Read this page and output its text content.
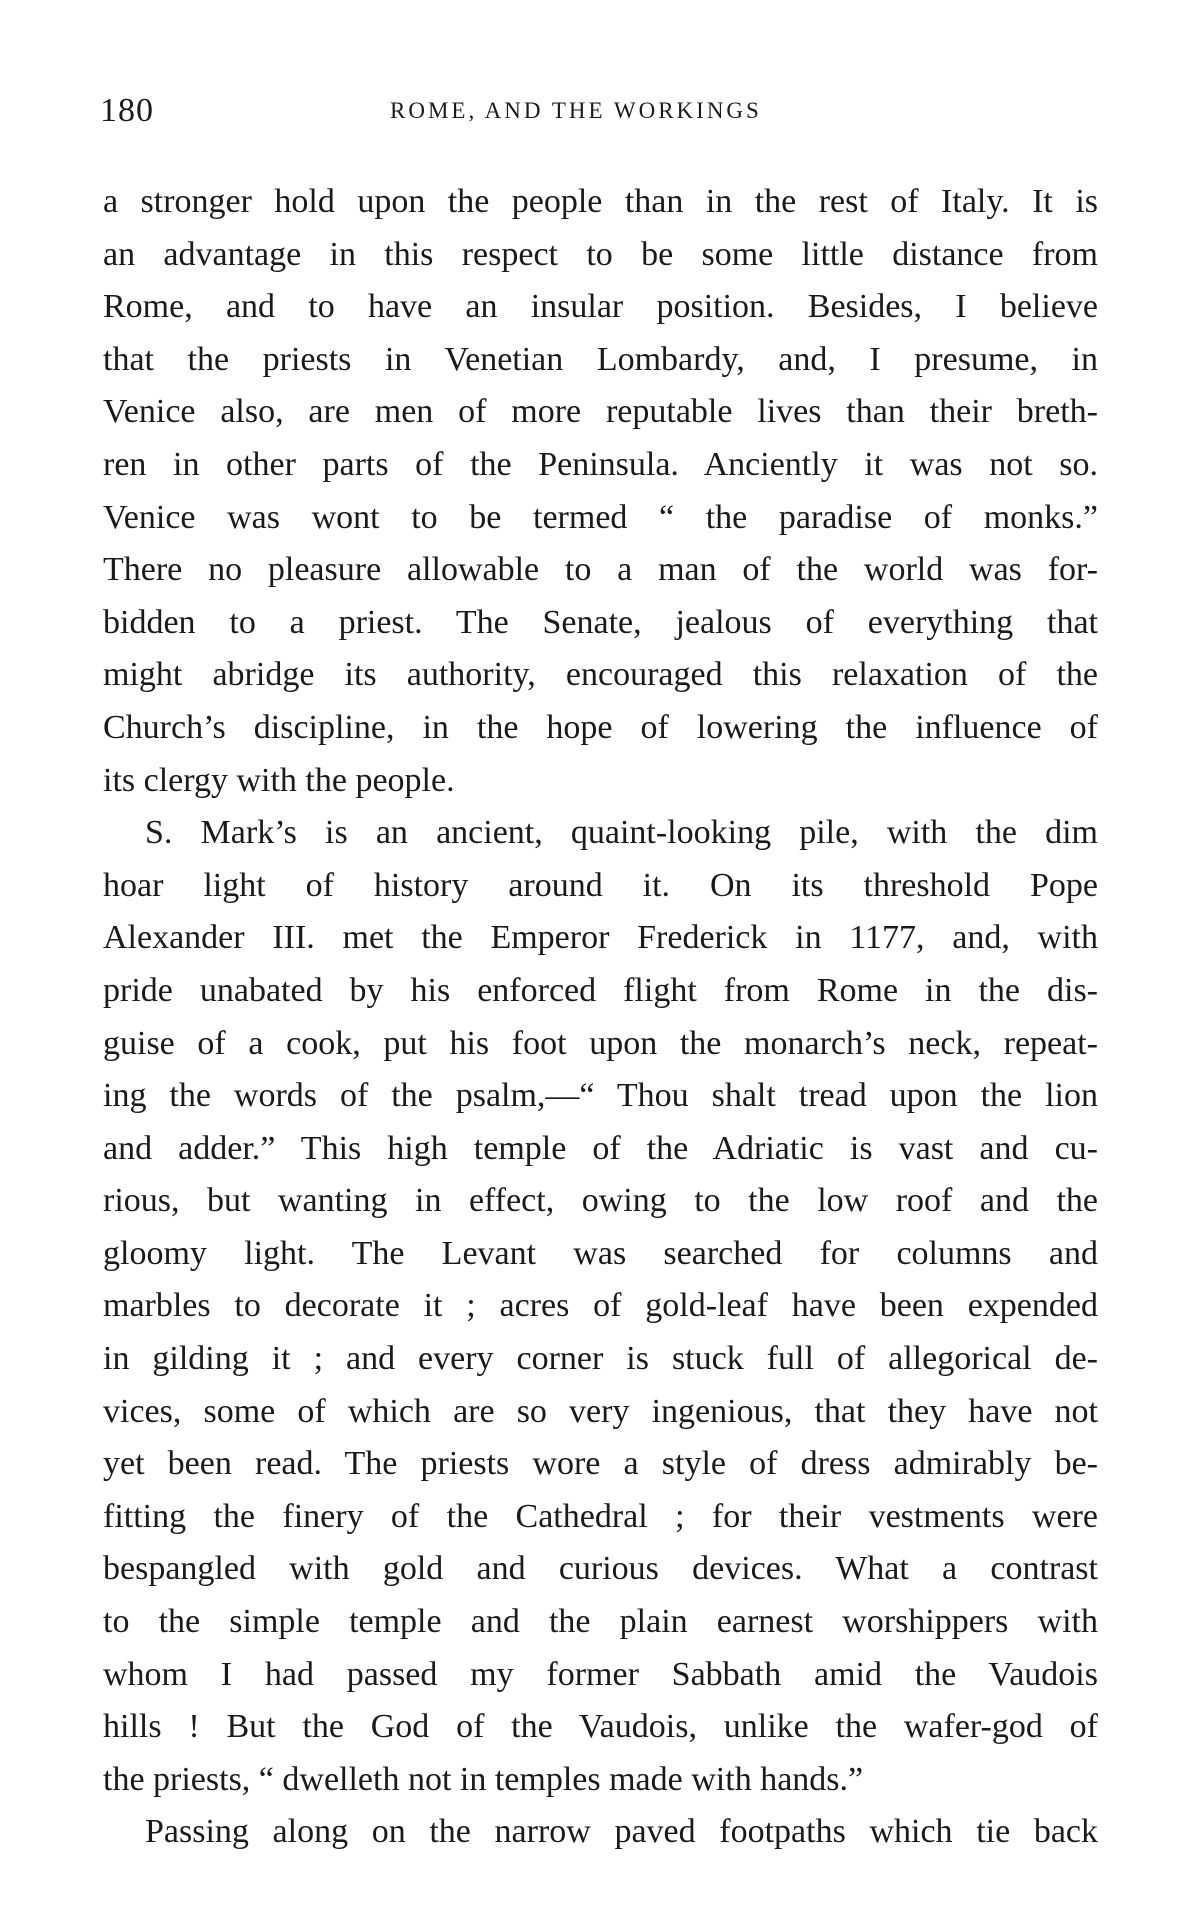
180	ROME, AND THE WORKINGS
a stronger hold upon the people than in the rest of Italy. It is
an advantage in this respect to be some little distance from
Rome, and to have an insular position. Besides, I believe
that the priests in Venetian Lombardy, and, I presume, in
Venice also, are men of more reputable lives than their breth-
ren in other parts of the Peninsula. Anciently it was not so.
Venice was wont to be termed “ the paradise of monks.”
There no pleasure allowable to a man of the world was for-
bidden to a priest. The Senate, jealous of everything that
might abridge its authority, encouraged this relaxation of the
Church’s discipline, in the hope of lowering the influence of
its clergy with the people.
S. Mark’s is an ancient, quaint-looking pile, with the dim
hoar light of history around it. On its threshold Pope
Alexander III. met the Emperor Frederick in 1177, and, with
pride unabated by his enforced flight from Rome in the dis-
guise of a cook, put his foot upon the monarch’s neck, repeat-
ing the words of the psalm,—“ Thou shalt tread upon the lion
and adder.” This high temple of the Adriatic is vast and cu-
rious, but wanting in effect, owing to the low roof and the
gloomy light. The Levant was searched for columns and
marbles to decorate it ; acres of gold-leaf have been expended
in gilding it ; and every corner is stuck full of allegorical de-
vices, some of which are so very ingenious, that they have not
yet been read. The priests wore a style of dress admirably be-
fitting the finery of the Cathedral ; for their vestments were
bespangled with gold and curious devices. What a contrast
to the simple temple and the plain earnest worshippers with
whom I had passed my former Sabbath amid the Vaudois
hills ! But the God of the Vaudois, unlike the wafer-god of
the priests, “ dwelleth not in temples made with hands.”
Passing along on the narrow paved footpaths which tie back
